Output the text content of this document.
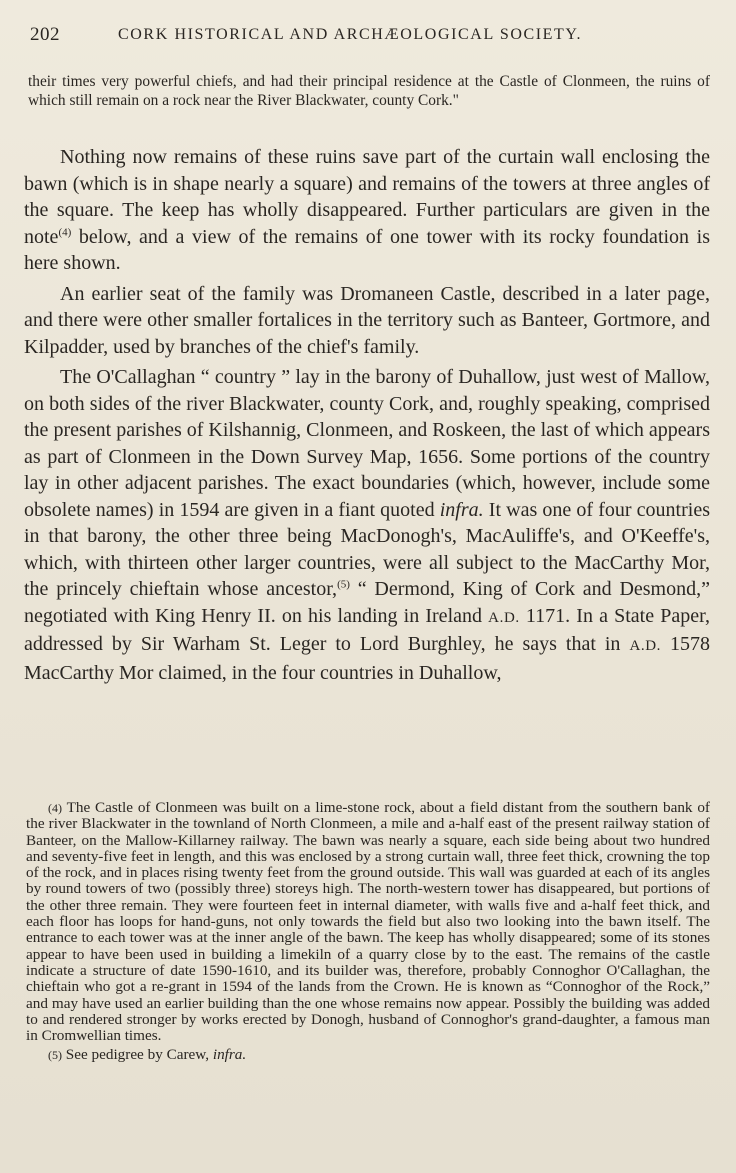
202	CORK HISTORICAL AND ARCHÆOLOGICAL SOCIETY.
their times very powerful chiefs, and had their principal residence at the Castle of Clonmeen, the ruins of which still remain on a rock near the River Blackwater, county Cork."

Nothing now remains of these ruins save part of the curtain wall enclosing the bawn (which is in shape nearly a square) and remains of the towers at three angles of the square. The keep has wholly disappeared. Further particulars are given in the note$^{(4)}$ below, and a view of the remains of one tower with its rocky foundation is here shown.

An earlier seat of the family was Dromaneen Castle, described in a later page, and there were other smaller fortalices in the territory such as Banteer, Gortmore, and Kilpadder, used by branches of the chief's family.

The O'Callaghan “ country ” lay in the barony of Duhallow, just west of Mallow, on both sides of the river Blackwater, county Cork, and, roughly speaking, comprised the present parishes of Kilshannig, Clonmeen, and Roskeen, the last of which appears as part of Clonmeen in the Down Survey Map, 1656. Some portions of the country lay in other adjacent parishes. The exact boundaries (which, however, include some obsolete names) in 1594 are given in a fiant quoted infra. It was one of four countries in that barony, the other three being MacDonogh's, MacAuliffe's, and O'Keeffe's, which, with thirteen other larger countries, were all subject to the MacCarthy Mor, the princely chieftain whose ancestor,$^{(5)}$ “ Dermond, King of Cork and Desmond,” negotiated with King Henry II. on his landing in Ireland A.D. 1171. In a State Paper, addressed by Sir Warham St. Leger to Lord Burghley, he says that in A.D. 1578 MacCarthy Mor claimed, in the four countries in Duhallow,

(4) The Castle of Clonmeen was built on a lime-stone rock, about a field distant from the southern bank of the river Blackwater in the townland of North Clonmeen, a mile and a-half east of the present railway station of Banteer, on the Mallow-Killarney railway. The bawn was nearly a square, each side being about two hundred and seventy-five feet in length, and this was enclosed by a strong curtain wall, three feet thick, crowning the top of the rock, and in places rising twenty feet from the ground outside. This wall was guarded at each of its angles by round towers of two (possibly three) storeys high. The north-western tower has disappeared, but portions of the other three remain. They were fourteen feet in internal diameter, with walls five and a-half feet thick, and each floor has loops for hand-guns, not only towards the field but also two looking into the bawn itself. The entrance to each tower was at the inner angle of the bawn. The keep has wholly disappeared; some of its stones appear to have been used in building a limekiln of a quarry close by to the east. The remains of the castle indicate a structure of date 1590-1610, and its builder was, therefore, probably Connoghor O'Callaghan, the chieftain who got a re-grant in 1594 of the lands from the Crown. He is known as “Connoghor of the Rock,” and may have used an earlier building than the one whose remains now appear. Possibly the building was added to and rendered stronger by works erected by Donogh, husband of Connoghor's grand-daughter, a famous man in Cromwellian times.

(5) See pedigree by Carew, infra.
